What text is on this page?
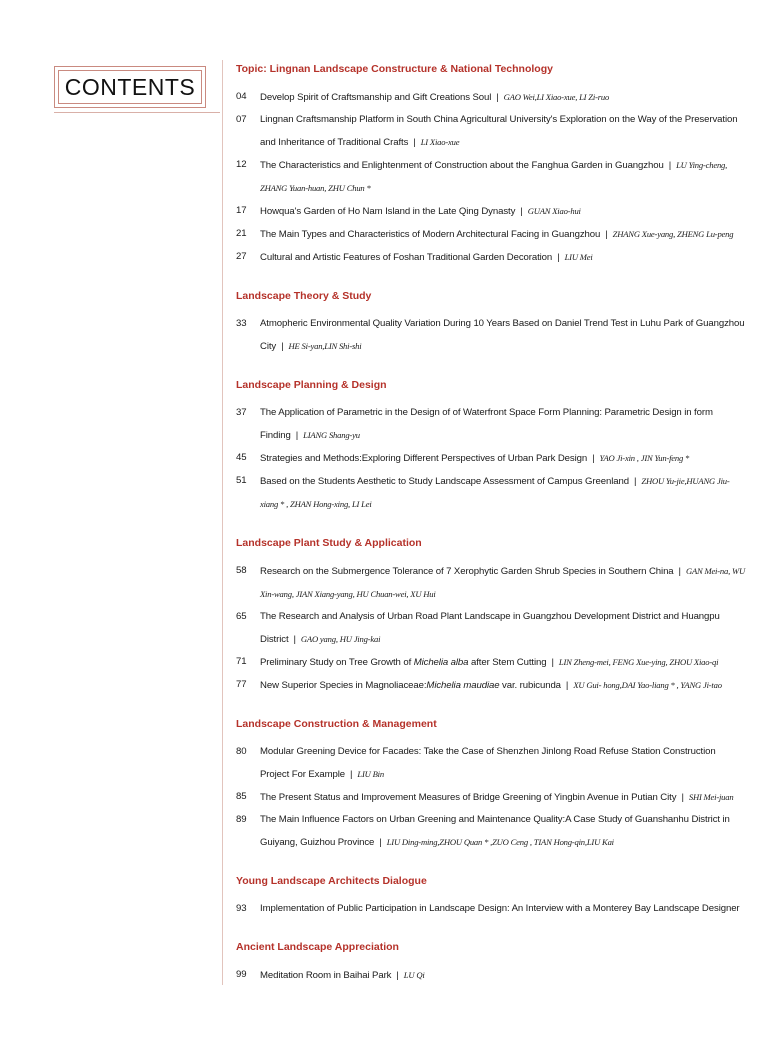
CONTENTS
Topic: Lingnan Landscape Constructure & National Technology
04	Develop Spirit of Craftsmanship and Gift Creations Soul | GAO Wei,LI Xiao-xue, LI Zi-ruo
07	Lingnan Craftsmanship Platform in South China Agricultural University's Exploration on the Way of the Preservation and Inheritance of Traditional Crafts | LI Xiao-xue
12	The Characteristics and Enlightenment of Construction about the Fanghua Garden in Guangzhou | LU Ying-cheng, ZHANG Yuan-huan, ZHU Chun *
17	Howqua's Garden of Ho Nam Island in the Late Qing Dynasty | GUAN Xiao-hui
21	The Main Types and Characteristics of Modern Architectural Facing in Guangzhou | ZHANG Xue-yang, ZHENG Lu-peng
27	Cultural and Artistic Features of Foshan Traditional Garden Decoration | LIU Mei
Landscape Theory & Study
33	Atmopheric Environmental Quality Variation During 10 Years Based on Daniel Trend Test in Luhu Park of Guangzhou City | HE Si-yan,LIN Shi-shi
Landscape Planning & Design
37	The Application of Parametric in the Design of of Waterfront Space Form Planning: Parametric Design in form Finding | LIANG Shang-yu
45	Strategies and Methods:Exploring Different Perspectives of Urban Park Design | YAO Ji-xin , JIN Yun-feng *
51	Based on the Students Aesthetic to Study Landscape Assessment of Campus Greenland | ZHOU Yu-jie,HUANG Jiu-xiang * , ZHAN Hong-xing, LI Lei
Landscape Plant Study & Application
58	Research on the Submergence Tolerance of 7 Xerophytic Garden Shrub Species in Southern China | GAN Mei-na, WU Xin-wang, JIAN Xiang-yang, HU Chuan-wei, XU Hui
65	The Research and Analysis of Urban Road Plant Landscape in Guangzhou Development District and Huangpu District | GAO yang, HU Jing-kai
71	Preliminary Study on Tree Growth of Michelia alba after Stem Cutting | LIN Zheng-mei, FENG Xue-ying, ZHOU Xiao-qi
77	New Superior Species in Magnoliaceae:Michelia maudiae var. rubicunda | XU Gui- hong,DAI Yao-liang * , YANG Ji-tao
Landscape Construction & Management
80	Modular Greening Device for Facades: Take the Case of Shenzhen Jinlong Road Refuse Station Construction Project For Example | LIU Bin
85	The Present Status and Improvement Measures of Bridge Greening of Yingbin Avenue in Putian City | SHI Mei-juan
89	The Main Influence Factors on Urban Greening and Maintenance Quality:A Case Study of Guanshanhu District in Guiyang, Guizhou Province | LIU Ding-ming,ZHOU Quan * ,ZUO Ceng , TIAN Hong-qin,LIU Kai
Young Landscape Architects Dialogue
93	Implementation of Public Participation in Landscape Design: An Interview with a Monterey Bay Landscape Designer
Ancient Landscape Appreciation
99	Meditation Room in Baihai Park | LU Qi
